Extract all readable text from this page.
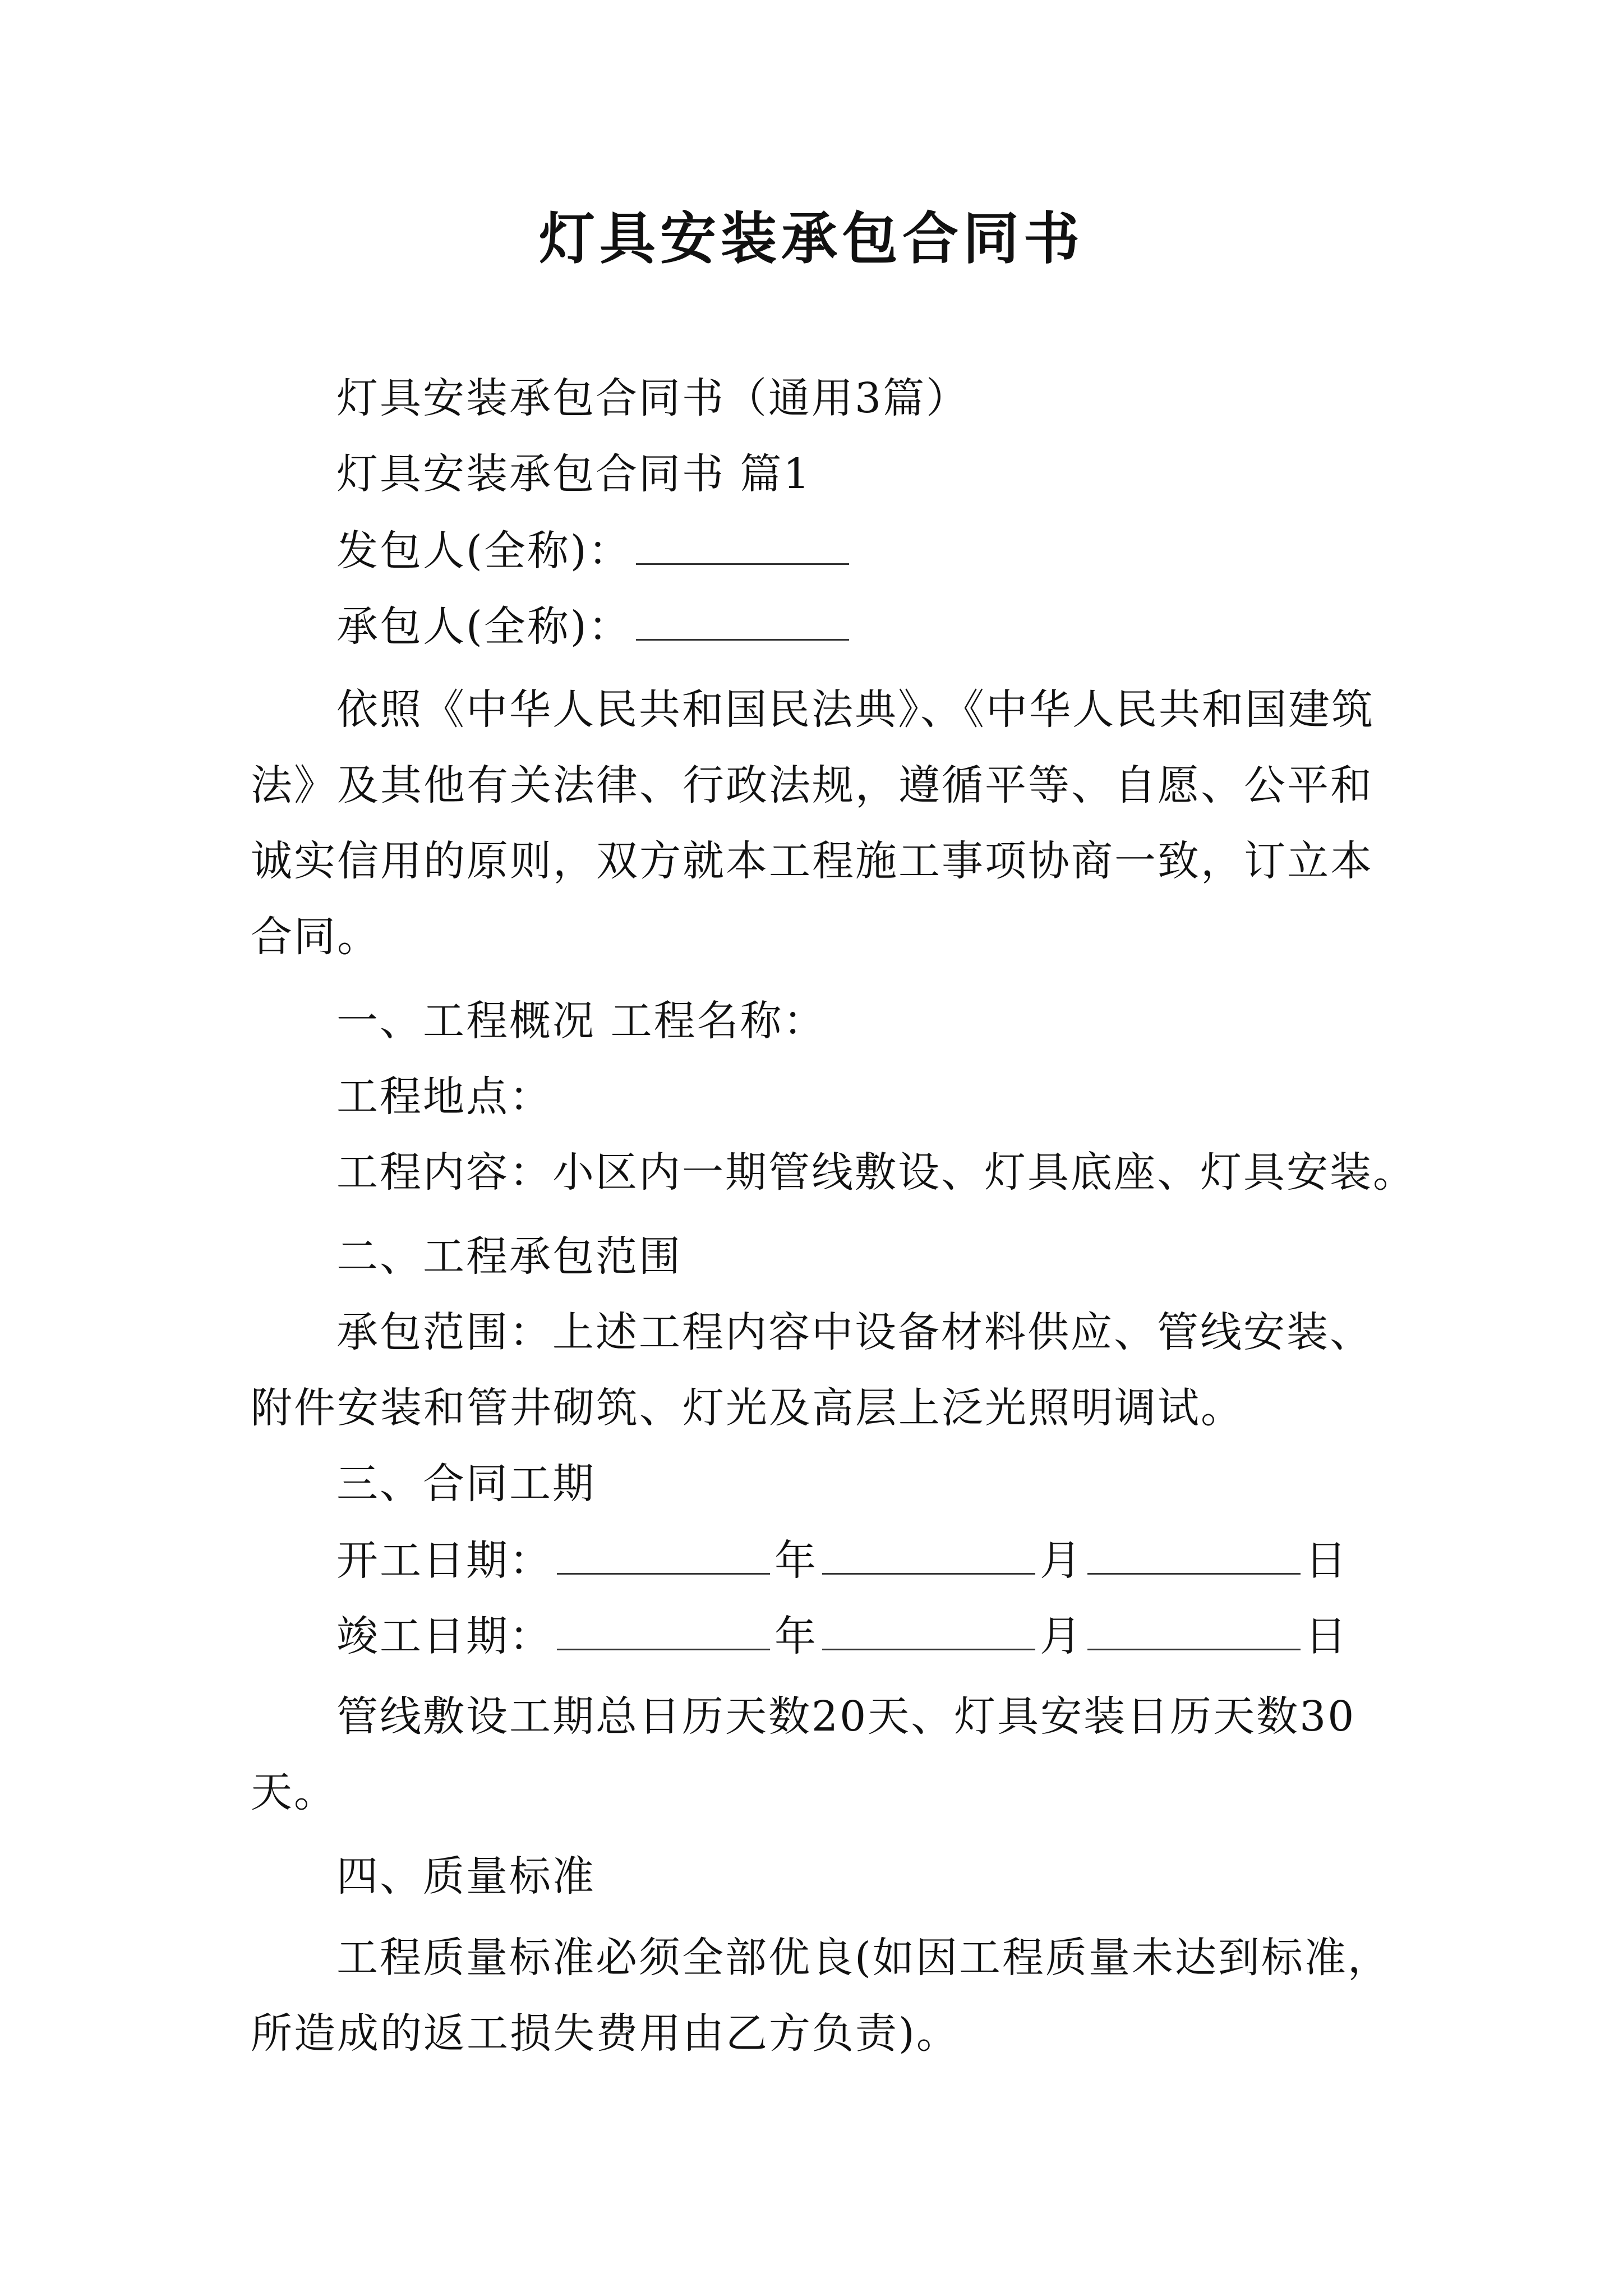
灯具安装承包合同书
灯具安装承包合同书（通用3篇）
灯具安装承包合同书 篇1
发包人(全称)：
承包人(全称)：
依照《中华人民共和国民法典》、《中华人民共和国建筑
法》及其他有关法律、行政法规，遵循平等、自愿、公平和
诚实信用的原则，双方就本工程施工事项协商一致，订立本
合同。
一、工程概况 工程名称：
工程地点：
工程内容：小区内一期管线敷设、灯具底座、灯具安装。
二、工程承包范围
承包范围：上述工程内容中设备材料供应、管线安装、
附件安装和管井砌筑、灯光及高层上泛光照明调试。
三、合同工期
开工日期：	年	月	日
竣工日期：	年	月	日
管线敷设工期总日历天数20天、灯具安装日历天数30
天。
四、质量标准
工程质量标准必须全部优良(如因工程质量未达到标准，
所造成的返工损失费用由乙方负责)。
